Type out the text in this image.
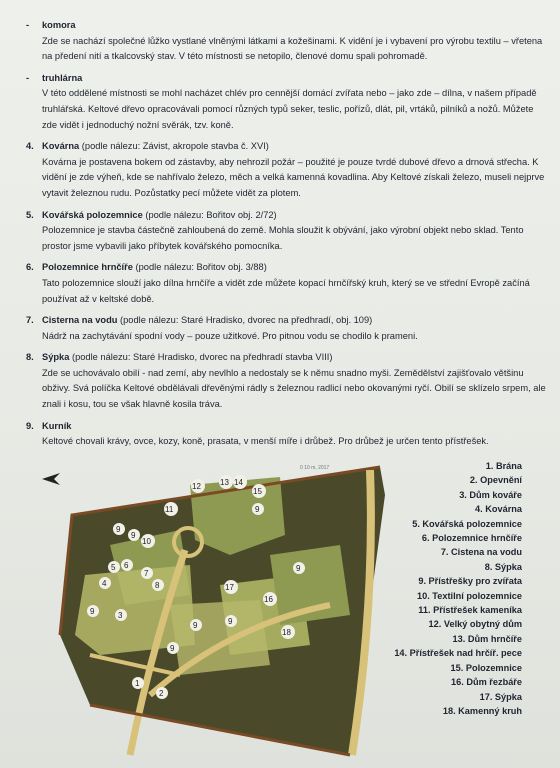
- komora
Zde se nachází společné lůžko vystlané vlněnými látkami a kožešinami. K vidění je i vybavení pro výrobu textilu – vřetena na předení nití a tkalcovský stav. V této místnosti se netopilo, členové domu spali pohromadě.
- truhlárna
V této oddělené místnosti se mohl nacházet chlév pro cennější domácí zvířata nebo – jako zde – dílna, v našem případě truhlářská. Keltové dřevo opracovávali pomocí různých typů seker, teslic, pořízů, dlát, pil, vrtáků, pilníků a nožů. Můžete zde vidět i jednoduchý nožní svěrák, tzv. koně.
4. Kovárna (podle nálezu: Závist, akropole stavba č. XVI)
Kovárna je postavena bokem od zástavby, aby nehrozil požár – použité je pouze tvrdé dubové dřevo a drnová střecha. K vidění je zde výheň, kde se nahřívalo železo, měch a velká kamenná kovadlina. Aby Keltové získali železo, museli nejprve vytavit železnou rudu. Pozůstatky pecí můžete vidět za plotem.
5. Kovářská polozemnice (podle nálezu: Bořitov obj. 2/72)
Polozemnice je stavba částečně zahloubená do země. Mohla sloužit k obývání, jako výrobní objekt nebo sklad. Tento prostor jsme vybavili jako příbytek kovářského pomocníka.
6. Polozemnice hrnčíře (podle nálezu: Bořitov obj. 3/88)
Tato polozemnice slouží jako dílna hrnčíře a vidět zde můžete kopací hrnčířský kruh, který se ve střední Evropě začíná používat až v keltské době.
7. Cisterna na vodu (podle nálezu: Staré Hradisko, dvorec na předhradí, obj. 109)
Nádrž na zachytávání spodní vody – pouze užitkové. Pro pitnou vodu se chodilo k prameni.
8. Sýpka (podle nálezu: Staré Hradisko, dvorec na předhradí stavba VIII)
Zde se uchovávalo obilí - nad zemí, aby nevlhlo a nedostaly se k němu snadno myši. Zemědělství zajišťovalo většinu obživy. Svá políčka Keltové obdělávali dřevěnými rádly s železnou radlicí nebo okovanými ryčí. Obilí se sklízelo srpem, ale znali i kosu, tou se však hlavně kosila tráva.
9. Kurník
Keltové chovali krávy, ovce, kozy, koně, prasata, v menší míře i drůbež. Pro drůbež je určen tento přístřešek.
0 10 m, 2017
1
2
3
4
5 6
7
8
9
9
9
9	9
9
9
9
10
11
12 13 14
15
16
17
18
1. Brána
2. Opevnění
3. Dům kováře
4. Kovárna
5. Kovářská polozemnice
6. Polozemnice hrnčíře
7. Cistena na vodu
8. Sýpka
9. Přístřešky pro zvířata
10. Textilní polozemnice
11. Přístřešek kameníka
12. Velký obytný dům
13. Dům hrnčíře
14. Přístřešek nad hrčíř. pece
15. Polozemnice
16. Dům řezbáře
17. Sýpka
18. Kamenný kruh
